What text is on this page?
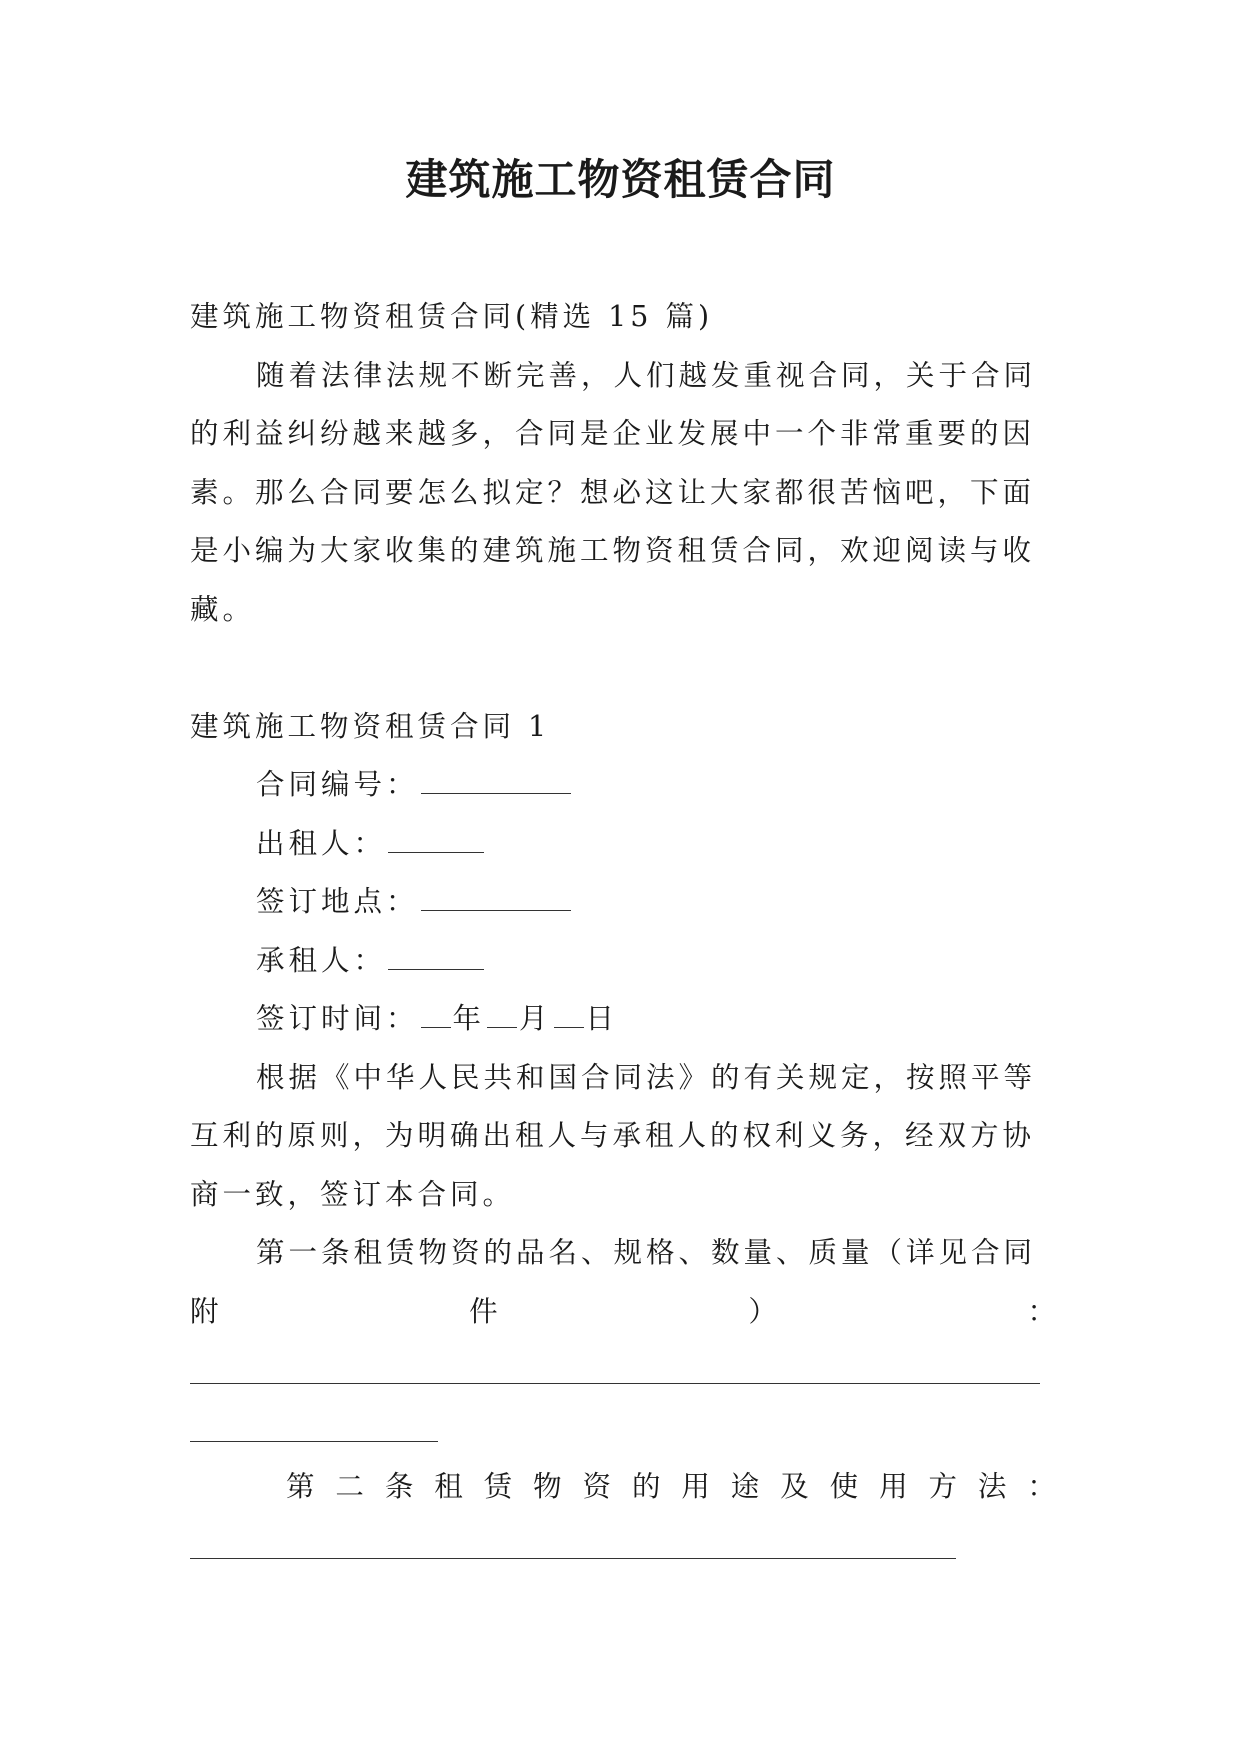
建筑施工物资租赁合同

建筑施工物资租赁合同(精选 15 篇)

随着法律法规不断完善，人们越发重视合同，关于合同的利益纠纷越来越多，合同是企业发展中一个非常重要的因素。那么合同要怎么拟定？想必这让大家都很苦恼吧，下面是小编为大家收集的建筑施工物资租赁合同，欢迎阅读与收藏。

建筑施工物资租赁合同 1

合同编号：

出租人：

签订地点：

承租人：

签订时间： 年 月 日

根据《中华人民共和国合同法》的有关规定，按照平等互利的原则，为明确出租人与承租人的权利义务，经双方协商一致，签订本合同。

第一条租赁物资的品名、规格、数量、质量（详见合同

附	件	）	：
第 二 条 租 赁 物 资 的 用 途 及 使 用 方 法 ：
